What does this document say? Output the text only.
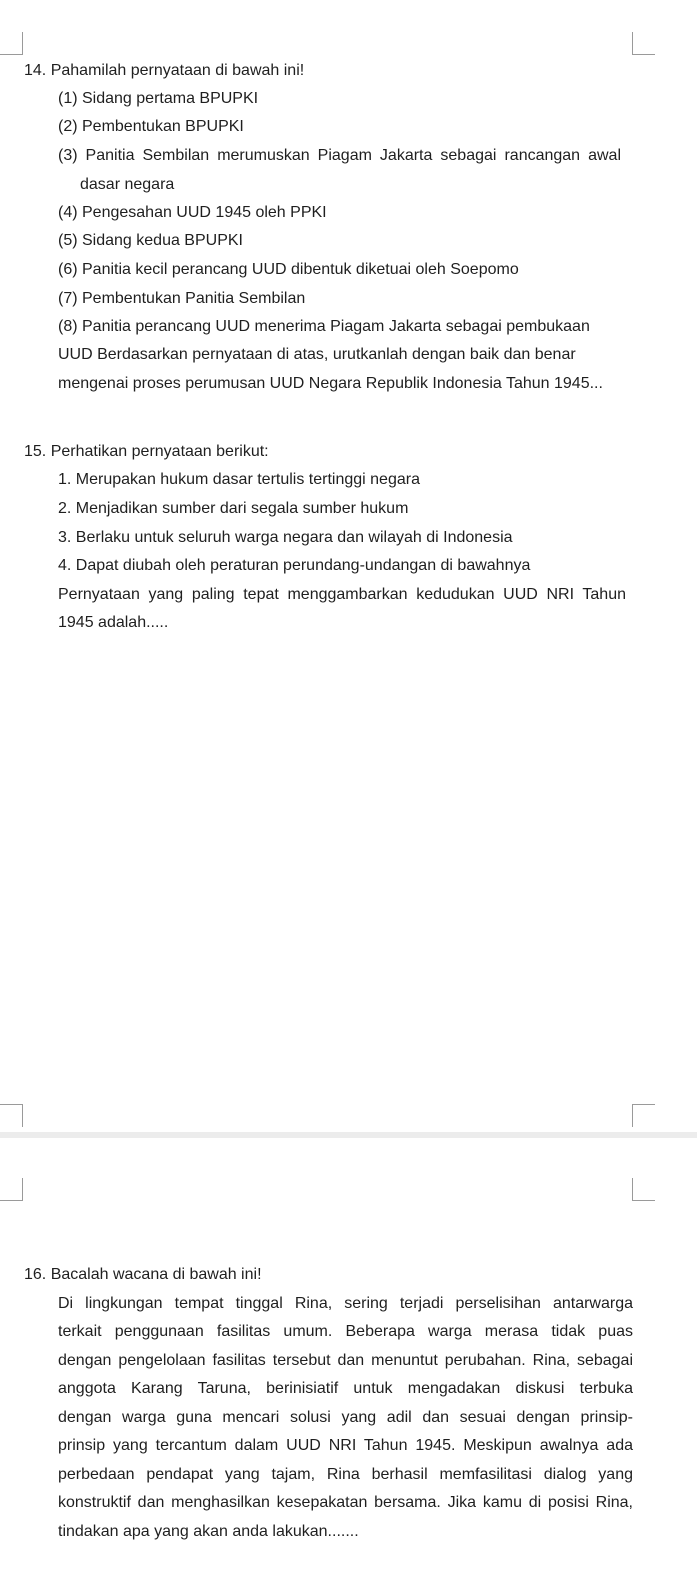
14. Pahamilah pernyataan di bawah ini!
(1) Sidang pertama BPUPKI
(2) Pembentukan BPUPKI
(3) Panitia Sembilan merumuskan Piagam Jakarta sebagai rancangan awal
dasar negara
(4) Pengesahan UUD 1945 oleh PPKI
(5) Sidang kedua BPUPKI
(6) Panitia kecil perancang UUD dibentuk diketuai oleh Soepomo
(7) Pembentukan Panitia Sembilan
(8) Panitia perancang UUD menerima Piagam Jakarta sebagai pembukaan
UUD Berdasarkan pernyataan di atas, urutkanlah dengan baik dan benar
mengenai proses perumusan UUD Negara Republik Indonesia Tahun 1945...
15. Perhatikan pernyataan berikut:
1. Merupakan hukum dasar tertulis tertinggi negara
2. Menjadikan sumber dari segala sumber hukum
3. Berlaku untuk seluruh warga negara dan wilayah di Indonesia
4. Dapat diubah oleh peraturan perundang-undangan di bawahnya
Pernyataan yang paling tepat menggambarkan kedudukan UUD NRI Tahun
1945 adalah.....
16. Bacalah wacana di bawah ini!
Di lingkungan tempat tinggal Rina, sering terjadi perselisihan antarwarga
terkait penggunaan fasilitas umum. Beberapa warga merasa tidak puas
dengan pengelolaan fasilitas tersebut dan menuntut perubahan. Rina, sebagai
anggota Karang Taruna, berinisiatif untuk mengadakan diskusi terbuka
dengan warga guna mencari solusi yang adil dan sesuai dengan prinsip-
prinsip yang tercantum dalam UUD NRI Tahun 1945. Meskipun awalnya ada
perbedaan pendapat yang tajam, Rina berhasil memfasilitasi dialog yang
konstruktif dan menghasilkan kesepakatan bersama. Jika kamu di posisi Rina,
tindakan apa yang akan anda lakukan.......
